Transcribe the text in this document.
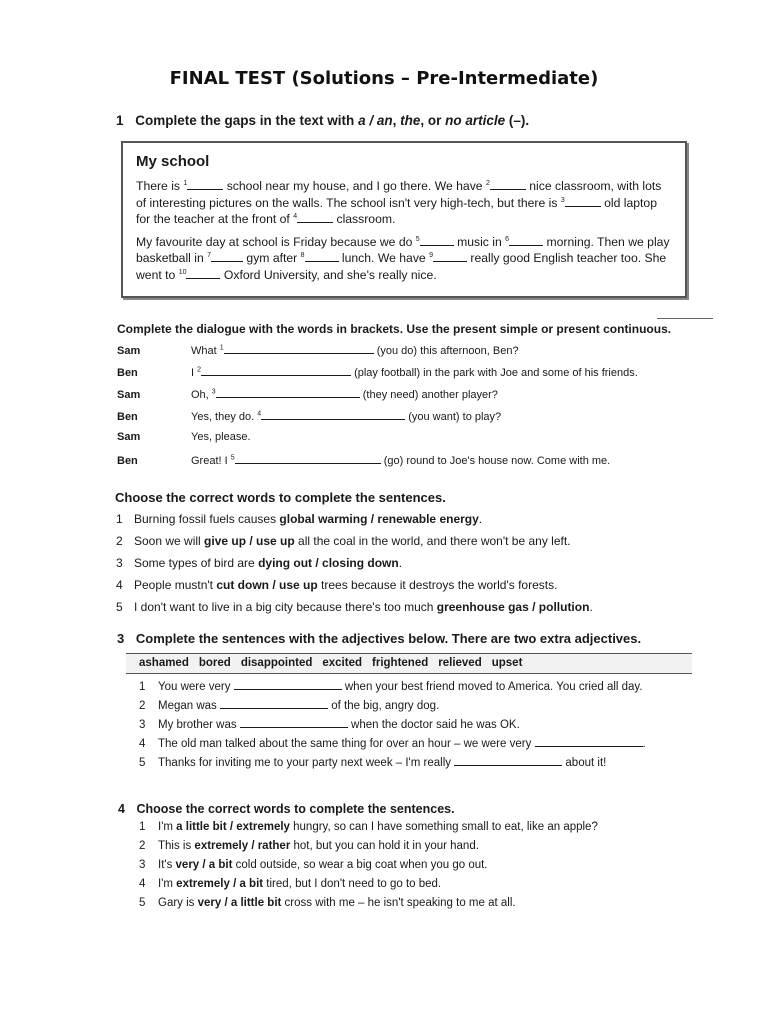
FINAL TEST (Solutions – Pre-Intermediate)
1 Complete the gaps in the text with a / an, the, or no article (–).
My school

There is $^1$	school near my house, and I go there. We have $^2$	nice classroom, with lots of interesting pictures on the walls. The school isn't very high-tech, but there is $^3$	old laptop for the teacher at the front of $^4$	classroom.

My favourite day at school is Friday because we do $^5$	music in $^6$	morning. Then we play basketball in $^7$	gym after $^8$	lunch. We have $^9$	really good English teacher too. She went to $^{10}$	Oxford University, and she's really nice.

Complete the dialogue with the words in brackets. Use the present simple or present continuous.
Sam	What $^1$	(you do) this afternoon, Ben?
Ben	I $^2$	(play football) in the park with Joe and some of his friends.
Sam	Oh, $^3$	(they need) another player?
Ben	Yes, they do. $^4$	(you want) to play?
Sam	Yes, please.
Ben	Great! I $^5$	(go) round to Joe's house now. Come with me.
Choose the correct words to complete the sentences.
1 Burning fossil fuels causes global warming / renewable energy.
2 Soon we will give up / use up all the coal in the world, and there won't be any left.
3 Some types of bird are dying out / closing down.
4 People mustn't cut down / use up trees because it destroys the world's forests.
5 I don't want to live in a big city because there's too much greenhouse gas / pollution.
3 Complete the sentences with the adjectives below. There are two extra adjectives.
ashamed bored disappointed excited frightened relieved upset
1 You were very	when your best friend moved to America. You cried all day.
2 Megan was	of the big, angry dog.
3 My brother was	when the doctor said he was OK.
4 The old man talked about the same thing for over an hour – we were very	.
5 Thanks for inviting me to your party next week – I'm really	about it!
4 Choose the correct words to complete the sentences.
1 I'm a little bit / extremely hungry, so can I have something small to eat, like an apple?
2 This is extremely / rather hot, but you can hold it in your hand.
3 It's very / a bit cold outside, so wear a big coat when you go out.
4 I'm extremely / a bit tired, but I don't need to go to bed.
5 Gary is very / a little bit cross with me – he isn't speaking to me at all.
